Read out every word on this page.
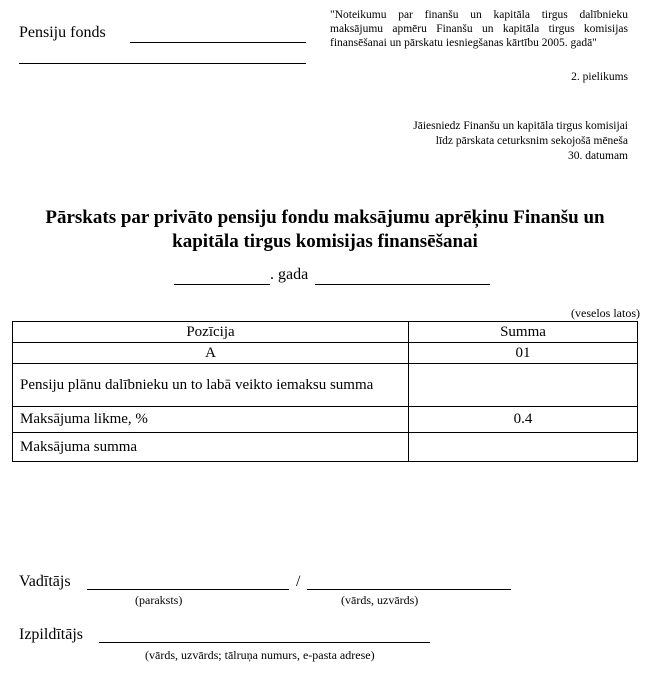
Pensiju fonds
"Noteikumu par finanšu un kapitāla tirgus dalībnieku maksājumu apmēru Finanšu un kapitāla tirgus komisijas finansēšanai un pārskatu iesniegšanas kārtību 2005. gadā"
2. pielikums
Jāiesniedz Finanšu un kapitāla tirgus komisijai
līdz pārskata ceturksnim sekojošā mēneša
30. datumam
Pārskats par privāto pensiju fondu maksājumu aprēķinu Finanšu un
kapitāla tirgus komisijas finansēšanai
. gada
(veselos latos)
Pozīcija	Summa
A	01
Pensiju plānu dalībnieku un to labā veikto iemaksu summa	
Maksājuma likme, %	0.4
Maksājuma summa	
Vadītājs	/
(paraksts)	(vārds, uzvārds)
Izpildītājs
(vārds, uzvārds; tālruņa numurs, e-pasta adrese)
